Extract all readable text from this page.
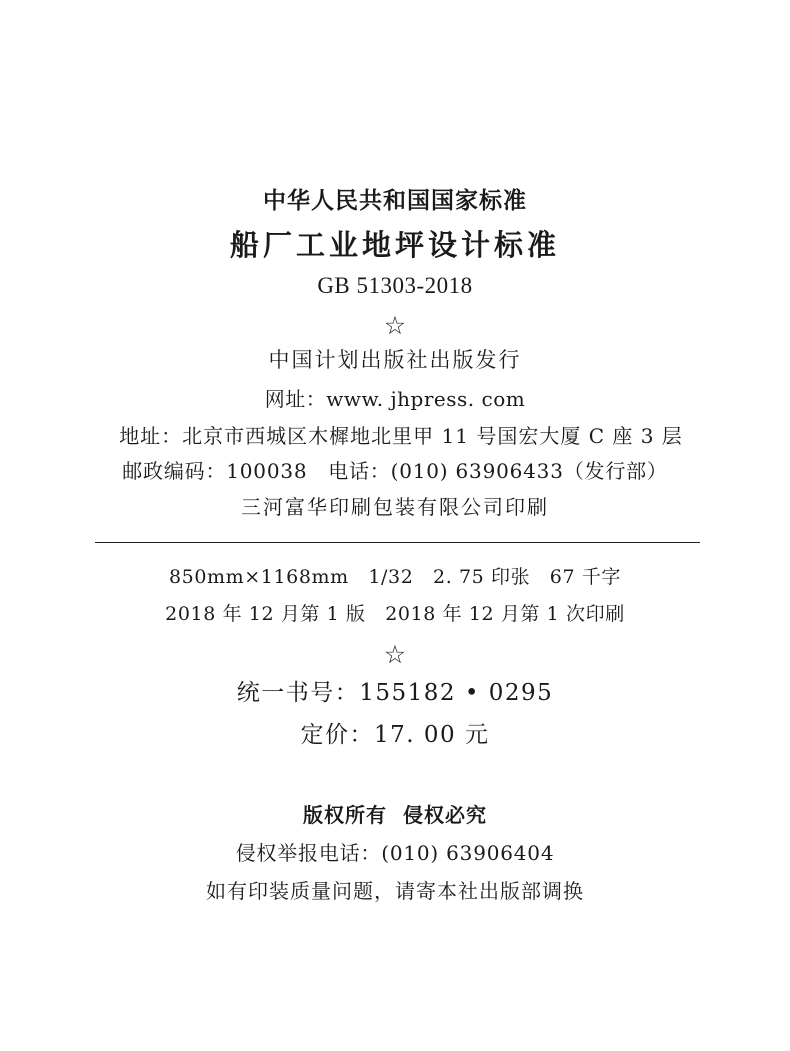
中华人民共和国国家标准
船厂工业地坪设计标准
GB 51303-2018
☆
中国计划出版社出版发行
网址：www. jhpress. com
地址：北京市西城区木樨地北里甲 11 号国宏大厦 C 座 3 层
邮政编码：100038　电话：(010) 63906433（发行部）
三河富华印刷包装有限公司印刷
850mm×1168mm　1/32　2. 75 印张　67 千字
2018 年 12 月第 1 版　2018 年 12 月第 1 次印刷
☆
统一书号：155182 • 0295
定价：17. 00 元
版权所有 侵权必究
侵权举报电话：(010) 63906404
如有印装质量问题，请寄本社出版部调换
